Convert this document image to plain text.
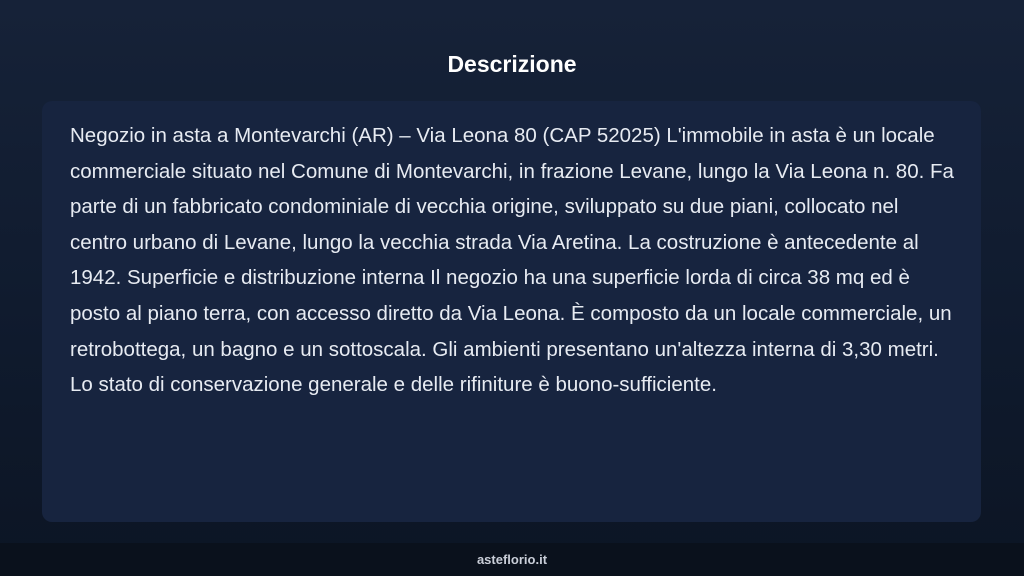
Descrizione

Negozio in asta a Montevarchi (AR) – Via Leona 80 (CAP 52025) L'immobile in asta è un locale commerciale situato nel Comune di Montevarchi, in frazione Levane, lungo la Via Leona n. 80. Fa parte di un fabbricato condominiale di vecchia origine, sviluppato su due piani, collocato nel centro urbano di Levane, lungo la vecchia strada Via Aretina. La costruzione è antecedente al 1942. Superficie e distribuzione interna Il negozio ha una superficie lorda di circa 38 mq ed è posto al piano terra, con accesso diretto da Via Leona. È composto da un locale commerciale, un retrobottega, un bagno e un sottoscala. Gli ambienti presentano un'altezza interna di 3,30 metri. Lo stato di conservazione generale e delle rifiniture è buono-sufficiente.

asteflorio.it
